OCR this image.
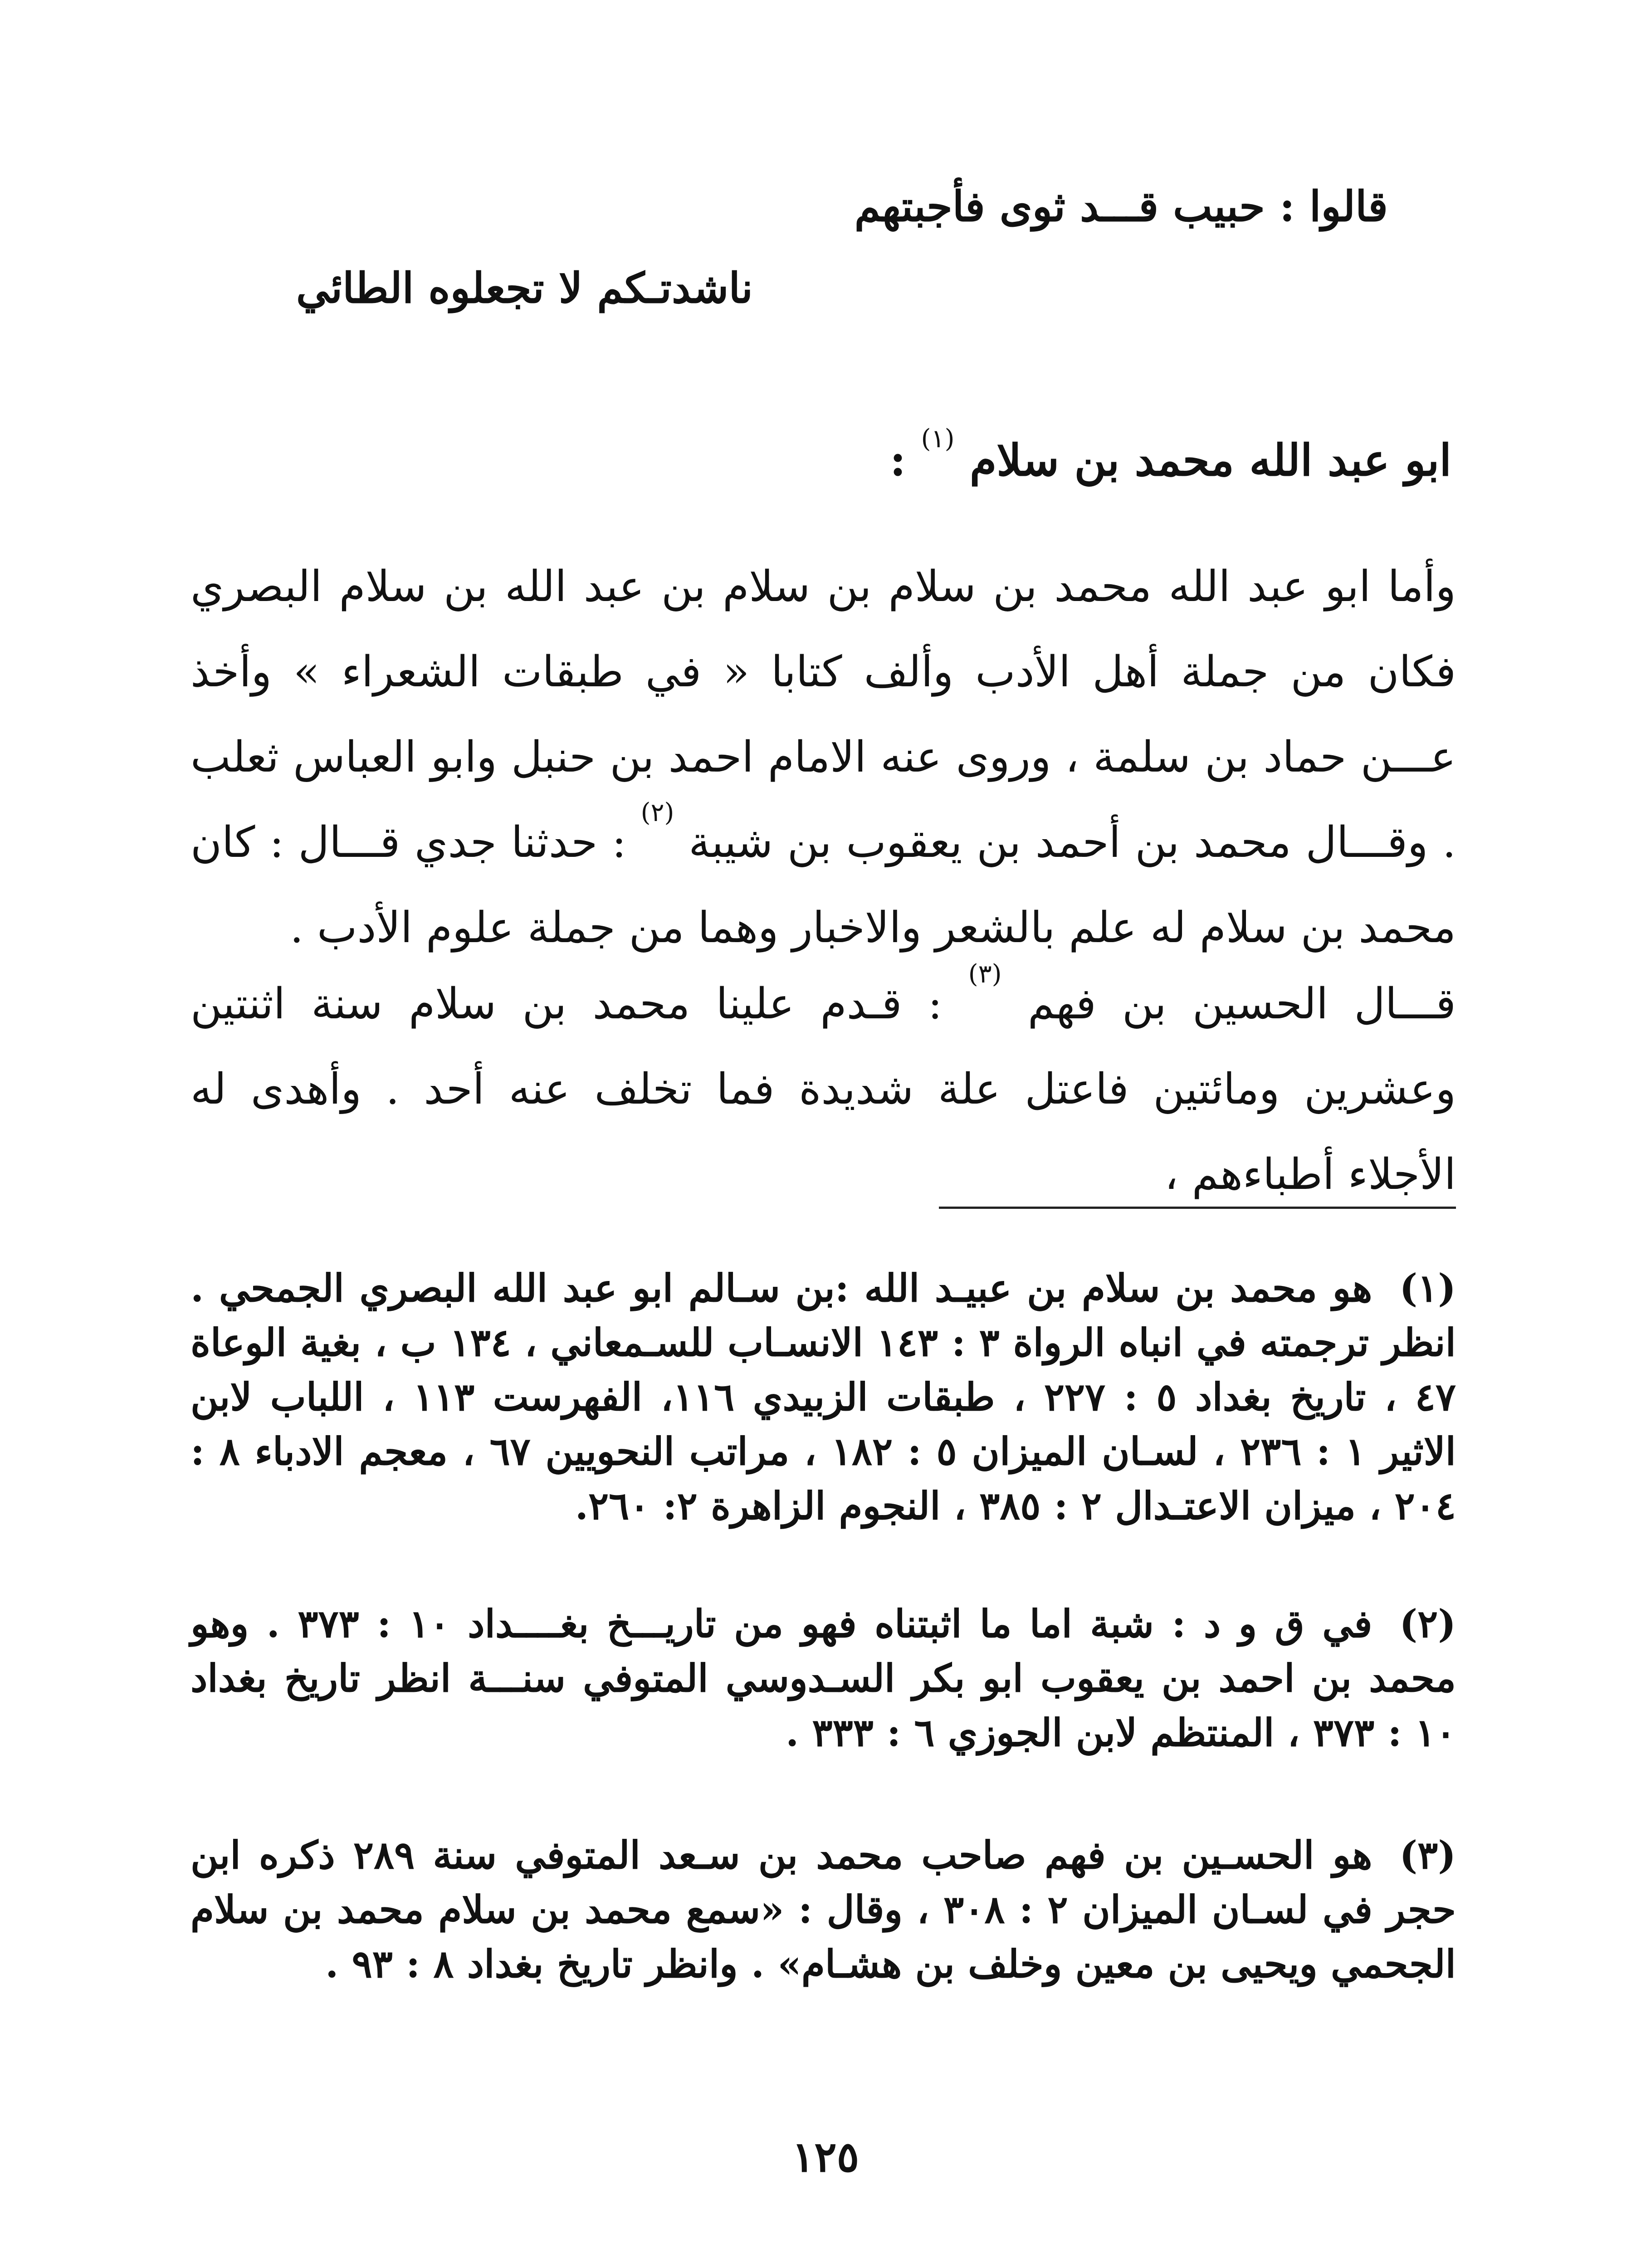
قالوا : حبيب قـــد ثوى فأجبتهم
ناشدتـكم لا تجعلوه الطائي
ابو عبد الله محمد بن سلام $^{(١)}$ :
وأما ابو عبد الله محمد بن سلام بن سلام بن عبد الله بن سلام البصري فكان من جملة أهل الأدب وألف كتابا « في طبقات الشعراء » وأخذ عـــن حماد بن سلمة ، وروى عنه الامام احمد بن حنبل وابو العباس ثعلب . وقـــال محمد بن أحمد بن يعقوب بن شيبة $^{(٢)}$ : حدثنا جدي قـــال : كان محمد بن سلام له علم بالشعر والاخبار وهما من جملة علوم الأدب .
قـــال الحسين بن فهم $^{(٣)}$ : قـدم علينا محمد بن سلام سنة اثنتين وعشرين ومائتين فاعتل علة شديدة فما تخلف عنه أحد . وأهدى له الأجلاء أطباءهم ،
(١)هو محمد بن سلام بن عبيـد الله :بن سـالم ابو عبد الله البصري الجمحي . انظر ترجمته في انباه الرواة ٣ : ١٤٣ الانسـاب للسـمعاني ، ١٣٤ ب ، بغية الوعاة ٤٧ ، تاريخ بغداد ٥ : ٢٢٧ ، طبقات الزبيدي ١١٦، الفهرست ١١٣ ، اللباب لابن الاثير ١ : ٢٣٦ ، لسـان الميزان ٥ : ١٨٢ ، مراتب النحويين ٦٧ ، معجم الادباء ٨ : ٢٠٤ ، ميزان الاعتـدال ٢ : ٣٨٥ ، النجوم الزاهرة ٢: ٢٦٠.
(٢)في ق و د : شبة اما ما اثبتناه فهو من تاريـــخ بغــــداد ١٠ : ٣٧٣ . وهو محمد بن احمد بن يعقوب ابو بكر السـدوسي المتوفي سنـــة انظر تاريخ بغداد ١٠ : ٣٧٣ ، المنتظم لابن الجوزي ٦ : ٣٣٣ .
(٣)هو الحسـين بن فهم صاحب محمد بن سـعد المتوفي سنة ٢٨٩ ذكره ابن حجر في لسـان الميزان ٢ : ٣٠٨ ، وقال : «سمع محمد بن سلام محمد بن سلام الجحمي ويحيى بن معين وخلف بن هشـام» . وانظر تاريخ بغداد ٨ : ٩٣ .
١٢٥
